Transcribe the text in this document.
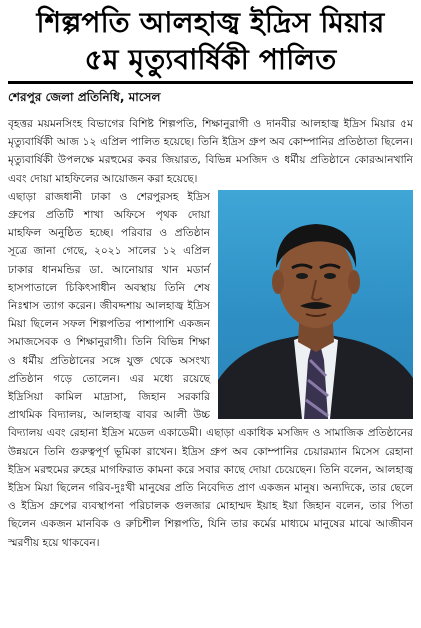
শিল্পপতি আলহাজ্ব ইদ্রিস মিয়ার
৫ম মৃত্যুবার্ষিকী পালিত

শেরপুর জেলা প্রতিনিধি, মাসেল

বৃহত্তর ময়মনসিংহ বিভাগের বিশিষ্ট শিল্পপতি, শিক্ষানুরাগী ও দানবীর আলহাজ্ব ইদ্রিস মিয়ার ৫ম মৃত্যুবার্ষিকী আজ ১২ এপ্রিল পালিত হয়েছে। তিনি ইদ্রিস গ্রুপ অব কোম্পানির প্রতিষ্ঠাতা ছিলেন। মৃত্যুবার্ষিকী উপলক্ষে মরহুমের কবর জিয়ারত, বিভিন্ন মসজিদ ও ধর্মীয় প্রতিষ্ঠানে কোরআনখানি এবং দোয়া মাহফিলের আয়োজন করা হয়েছে।

এছাড়া রাজধানী ঢাকা ও শেরপুরসহ ইদ্রিস গ্রুপের প্রতিটি শাখা অফিসে পৃথক দোয়া মাহফিল অনুষ্ঠিত হচ্ছে। পরিবার ও প্রতিষ্ঠান সূত্রে জানা গেছে, ২০২১ সালের ১২ এপ্রিল ঢাকার ধানমন্ডির ডা. আনোয়ার খান মডার্ন হাসপাতালে চিকিৎসাধীন অবস্থায় তিনি শেষ নিঃশ্বাস ত্যাগ করেন। জীবদ্দশায় আলহাজ্ব ইদ্রিস মিয়া ছিলেন সফল শিল্পপতির পাশাপাশি একজন সমাজসেবক ও শিক্ষানুরাগী। তিনি বিভিন্ন শিক্ষা ও ধর্মীয় প্রতিষ্ঠানের সঙ্গে যুক্ত থেকে অসংখ্য প্রতিষ্ঠান গড়ে তোলেন। এর মধ্যে রয়েছে ইদ্রিসিয়া কামিল মাদ্রাসা, জিহান সরকারি প্রাথমিক বিদ্যালয়, আলহাজ্ব বাবর আলী উচ্চ বিদ্যালয় এবং রেহানা ইদ্রিস মডেল একাডেমী। এছাড়া একাধিক মসজিদ ও সামাজিক প্রতিষ্ঠানের উন্নয়নে তিনি গুরুত্বপূর্ণ ভূমিকা রাখেন। ইদ্রিস গ্রুপ অব কোম্পানির চেয়ারম্যান মিসেস রেহানা ইদ্রিস মরহুমের রুহের মাগফিরাত কামনা করে সবার কাছে দোয়া চেয়েছেন। তিনি বলেন, আলহাজ্ব ইদ্রিস মিয়া ছিলেন গরিব-দুঃখী মানুষের প্রতি নিবেদিত প্রাণ একজন মানুষ। অন্যদিকে, তার ছেলে ও ইদ্রিস গ্রুপের ব্যবস্থাপনা পরিচালক গুলজার মোহাম্মদ ইয়াহ ইয়া জিহান বলেন, তার পিতা ছিলেন একজন মানবিক ও রুচিশীল শিল্পপতি, যিনি তার কর্মের মাধ্যমে মানুষের মাঝে আজীবন স্মরণীয় হয়ে থাকবেন।
